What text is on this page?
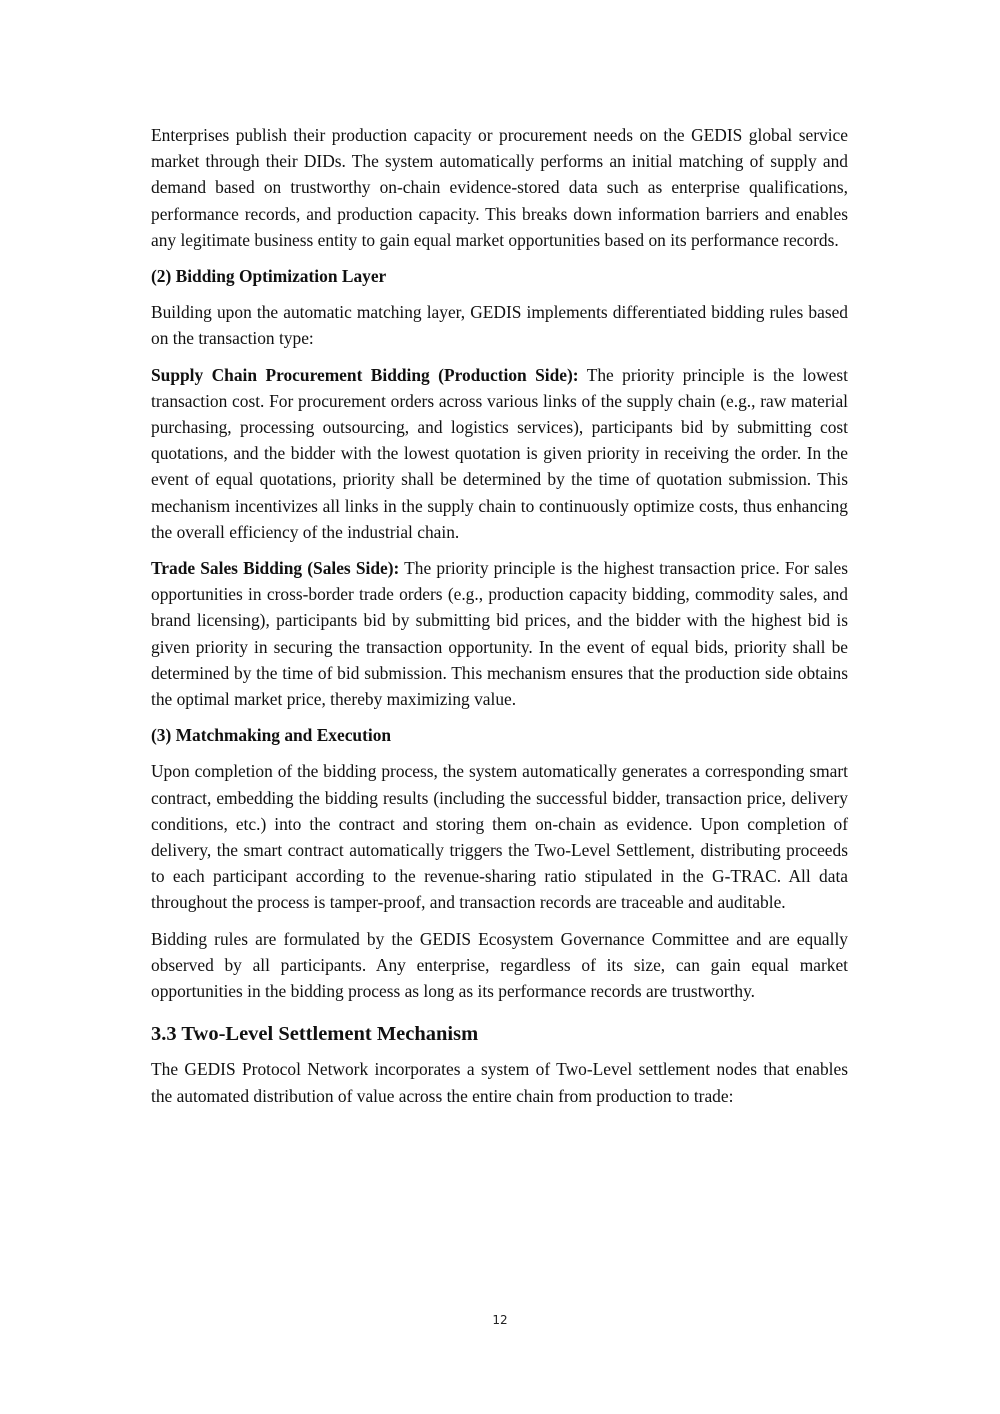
Enterprises publish their production capacity or procurement needs on the GEDIS global service market through their DIDs. The system automatically performs an initial matching of supply and demand based on trustworthy on-chain evidence-stored data such as enterprise qualifications, performance records, and production capacity. This breaks down information barriers and enables any legitimate business entity to gain equal market opportunities based on its performance records.

(2) Bidding Optimization Layer

Building upon the automatic matching layer, GEDIS implements differentiated bidding rules based on the transaction type:

Supply Chain Procurement Bidding (Production Side): The priority principle is the lowest transaction cost. For procurement orders across various links of the supply chain (e.g., raw material purchasing, processing outsourcing, and logistics services), participants bid by submitting cost quotations, and the bidder with the lowest quotation is given priority in receiving the order. In the event of equal quotations, priority shall be determined by the time of quotation submission. This mechanism incentivizes all links in the supply chain to continuously optimize costs, thus enhancing the overall efficiency of the industrial chain.

Trade Sales Bidding (Sales Side): The priority principle is the highest transaction price. For sales opportunities in cross-border trade orders (e.g., production capacity bidding, commodity sales, and brand licensing), participants bid by submitting bid prices, and the bidder with the highest bid is given priority in securing the transaction opportunity. In the event of equal bids, priority shall be determined by the time of bid submission. This mechanism ensures that the production side obtains the optimal market price, thereby maximizing value.

(3) Matchmaking and Execution

Upon completion of the bidding process, the system automatically generates a corresponding smart contract, embedding the bidding results (including the successful bidder, transaction price, delivery conditions, etc.) into the contract and storing them on-chain as evidence. Upon completion of delivery, the smart contract automatically triggers the Two-Level Settlement, distributing proceeds to each participant according to the revenue-sharing ratio stipulated in the G-TRAC. All data throughout the process is tamper-proof, and transaction records are traceable and auditable.

Bidding rules are formulated by the GEDIS Ecosystem Governance Committee and are equally observed by all participants. Any enterprise, regardless of its size, can gain equal market opportunities in the bidding process as long as its performance records are trustworthy.

3.3 Two-Level Settlement Mechanism

The GEDIS Protocol Network incorporates a system of Two-Level settlement nodes that enables the automated distribution of value across the entire chain from production to trade:

12
